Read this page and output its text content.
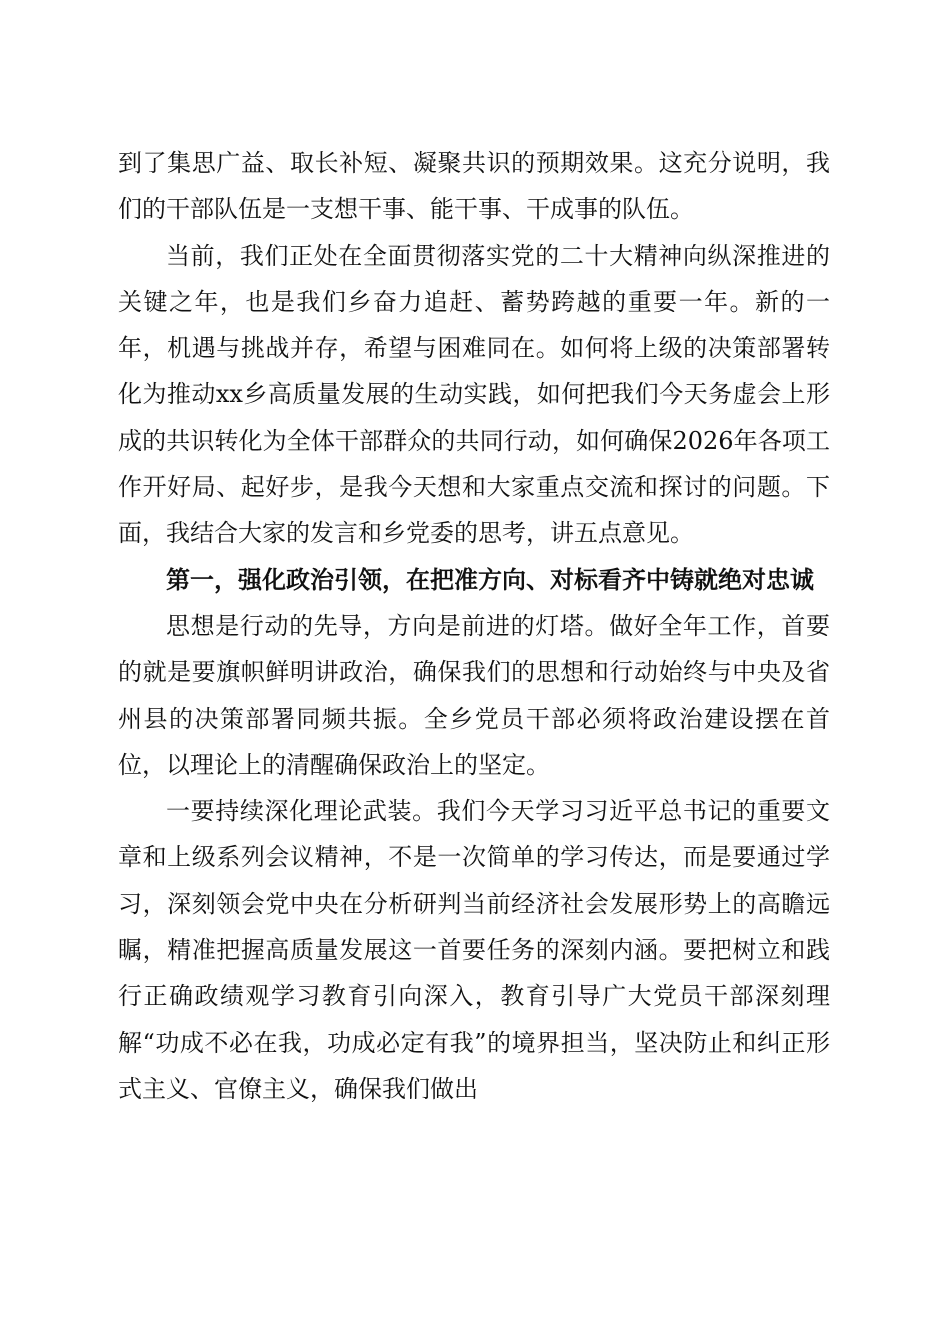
到了集思广益、取长补短、凝聚共识的预期效果。这充分说明，我们的干部队伍是一支想干事、能干事、干成事的队伍。

当前，我们正处在全面贯彻落实党的二十大精神向纵深推进的关键之年，也是我们乡奋力追赶、蓄势跨越的重要一年。新的一年，机遇与挑战并存，希望与困难同在。如何将上级的决策部署转化为推动xx乡高质量发展的生动实践，如何把我们今天务虚会上形成的共识转化为全体干部群众的共同行动，如何确保2026年各项工作开好局、起好步，是我今天想和大家重点交流和探讨的问题。下面，我结合大家的发言和乡党委的思考，讲五点意见。

第一，强化政治引领，在把准方向、对标看齐中铸就绝对忠诚

思想是行动的先导，方向是前进的灯塔。做好全年工作，首要的就是要旗帜鲜明讲政治，确保我们的思想和行动始终与中央及省州县的决策部署同频共振。全乡党员干部必须将政治建设摆在首位，以理论上的清醒确保政治上的坚定。

一要持续深化理论武装。我们今天学习习近平总书记的重要文章和上级系列会议精神，不是一次简单的学习传达，而是要通过学习，深刻领会党中央在分析研判当前经济社会发展形势上的高瞻远瞩，精准把握高质量发展这一首要任务的深刻内涵。要把树立和践行正确政绩观学习教育引向深入，教育引导广大党员干部深刻理解“功成不必在我，功成必定有我”的境界担当，坚决防止和纠正形式主义、官僚主义，确保我们做出
